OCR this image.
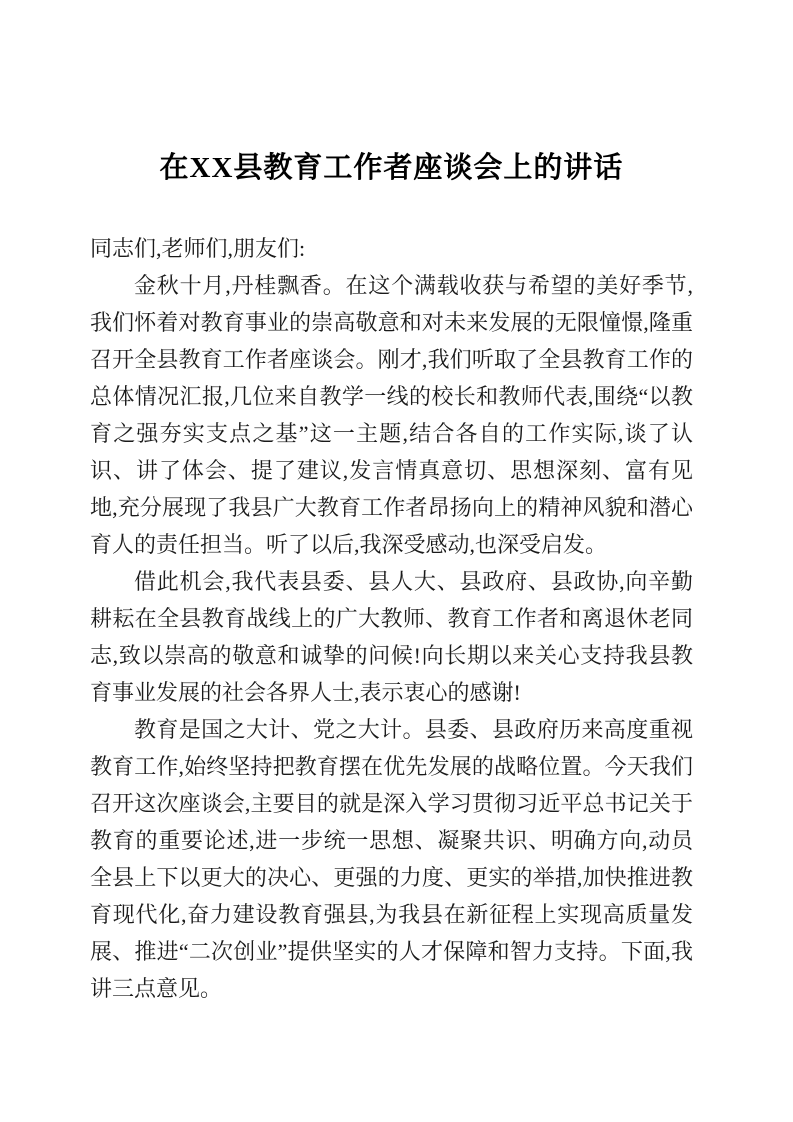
在XX县教育工作者座谈会上的讲话

同志们,老师们,朋友们:

金秋十月,丹桂飘香。在这个满载收获与希望的美好季节,我们怀着对教育事业的崇高敬意和对未来发展的无限憧憬,隆重召开全县教育工作者座谈会。刚才,我们听取了全县教育工作的总体情况汇报,几位来自教学一线的校长和教师代表,围绕“以教育之强夯实支点之基”这一主题,结合各自的工作实际,谈了认识、讲了体会、提了建议,发言情真意切、思想深刻、富有见地,充分展现了我县广大教育工作者昂扬向上的精神风貌和潜心育人的责任担当。听了以后,我深受感动,也深受启发。

借此机会,我代表县委、县人大、县政府、县政协,向辛勤耕耘在全县教育战线上的广大教师、教育工作者和离退休老同志,致以崇高的敬意和诚挚的问候!向长期以来关心支持我县教育事业发展的社会各界人士,表示衷心的感谢!

教育是国之大计、党之大计。县委、县政府历来高度重视教育工作,始终坚持把教育摆在优先发展的战略位置。今天我们召开这次座谈会,主要目的就是深入学习贯彻习近平总书记关于教育的重要论述,进一步统一思想、凝聚共识、明确方向,动员全县上下以更大的决心、更强的力度、更实的举措,加快推进教育现代化,奋力建设教育强县,为我县在新征程上实现高质量发展、推进“二次创业”提供坚实的人才保障和智力支持。下面,我讲三点意见。
